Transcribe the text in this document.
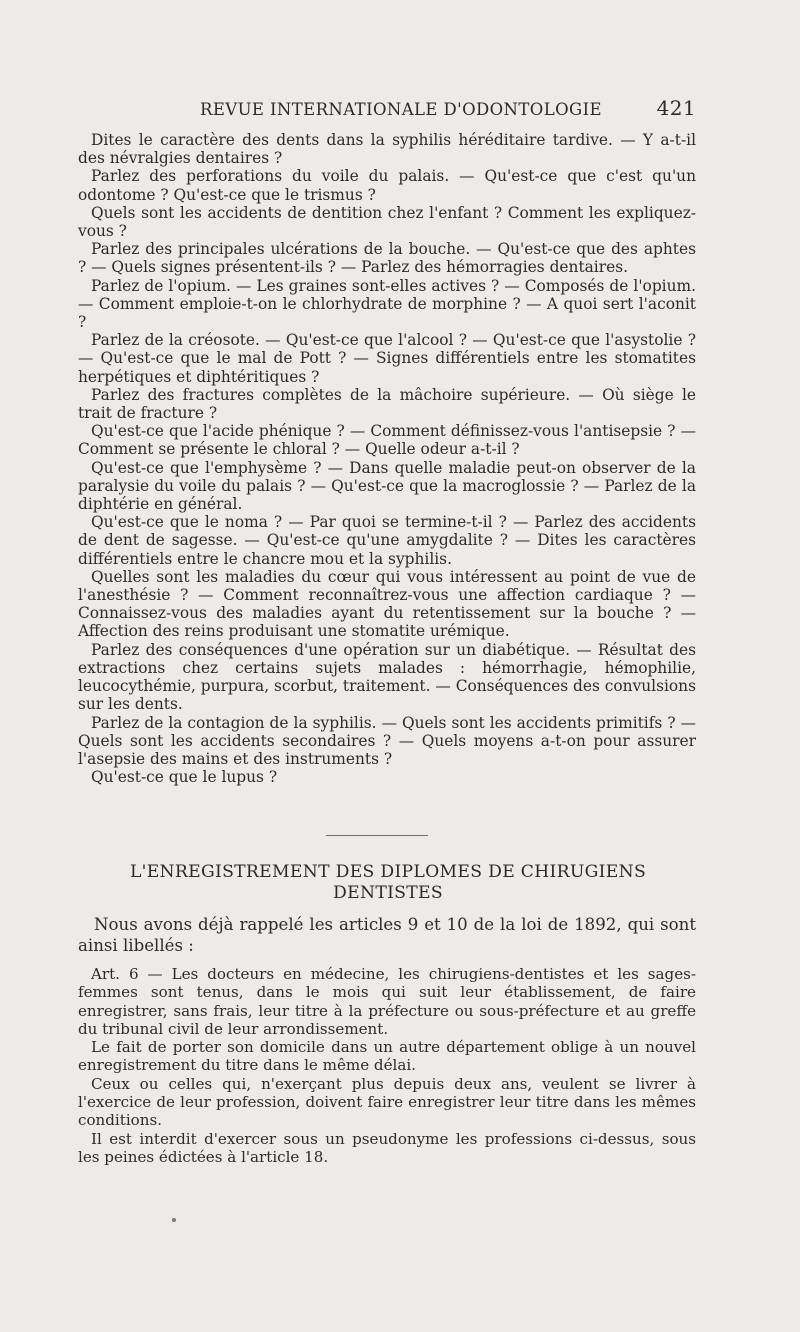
REVUE INTERNATIONALE D'ODONTOLOGIE	421

Dites le caractère des dents dans la syphilis héréditaire tardive. — Y a-t-il des névralgies dentaires ?

Parlez des perforations du voile du palais. — Qu'est-ce que c'est qu'un odontome ? Qu'est-ce que le trismus ?

Quels sont les accidents de dentition chez l'enfant ? Comment les expliquez-vous ?

Parlez des principales ulcérations de la bouche. — Qu'est-ce que des aphtes ? — Quels signes présentent-ils ? — Parlez des hémorragies dentaires.

Parlez de l'opium. — Les graines sont-elles actives ? — Composés de l'opium. — Comment emploie-t-on le chlorhydrate de morphine ? — A quoi sert l'aconit ?

Parlez de la créosote. — Qu'est-ce que l'alcool ? — Qu'est-ce que l'asystolie ? — Qu'est-ce que le mal de Pott ? — Signes différentiels entre les stomatites herpétiques et diphtéritiques ?

Parlez des fractures complètes de la mâchoire supérieure. — Où siège le trait de fracture ?

Qu'est-ce que l'acide phénique ? — Comment définissez-vous l'antisepsie ? — Comment se présente le chloral ? — Quelle odeur a-t-il ?

Qu'est-ce que l'emphysème ? — Dans quelle maladie peut-on observer de la paralysie du voile du palais ? — Qu'est-ce que la macroglossie ? — Parlez de la diphtérie en général.

Qu'est-ce que le noma ? — Par quoi se termine-t-il ? — Parlez des accidents de dent de sagesse. — Qu'est-ce qu'une amygdalite ? — Dites les caractères différentiels entre le chancre mou et la syphilis.

Quelles sont les maladies du cœur qui vous intéressent au point de vue de l'anesthésie ? — Comment reconnaîtrez-vous une affection cardiaque ? — Connaissez-vous des maladies ayant du retentissement sur la bouche ? — Affection des reins produisant une stomatite urémique.

Parlez des conséquences d'une opération sur un diabétique. — Résultat des extractions chez certains sujets malades : hémorrhagie, hémophilie, leucocythémie, purpura, scorbut, traitement. — Conséquences des convulsions sur les dents.

Parlez de la contagion de la syphilis. — Quels sont les accidents primitifs ? — Quels sont les accidents secondaires ? — Quels moyens a-t-on pour assurer l'asepsie des mains et des instruments ?

Qu'est-ce que le lupus ?

L'ENREGISTREMENT DES DIPLOMES DE CHIRUGIENS
DENTISTES

Nous avons déjà rappelé les articles 9 et 10 de la loi de 1892, qui sont ainsi libellés :

Art. 6 — Les docteurs en médecine, les chirugiens-dentistes et les sages-femmes sont tenus, dans le mois qui suit leur établissement, de faire enregistrer, sans frais, leur titre à la préfecture ou sous-préfecture et au greffe du tribunal civil de leur arrondissement.

Le fait de porter son domicile dans un autre département oblige à un nouvel enregistrement du titre dans le même délai.

Ceux ou celles qui, n'exerçant plus depuis deux ans, veulent se livrer à l'exercice de leur profession, doivent faire enregistrer leur titre dans les mêmes conditions.

Il est interdit d'exercer sous un pseudonyme les professions ci-dessus, sous les peines édictées à l'article 18.
